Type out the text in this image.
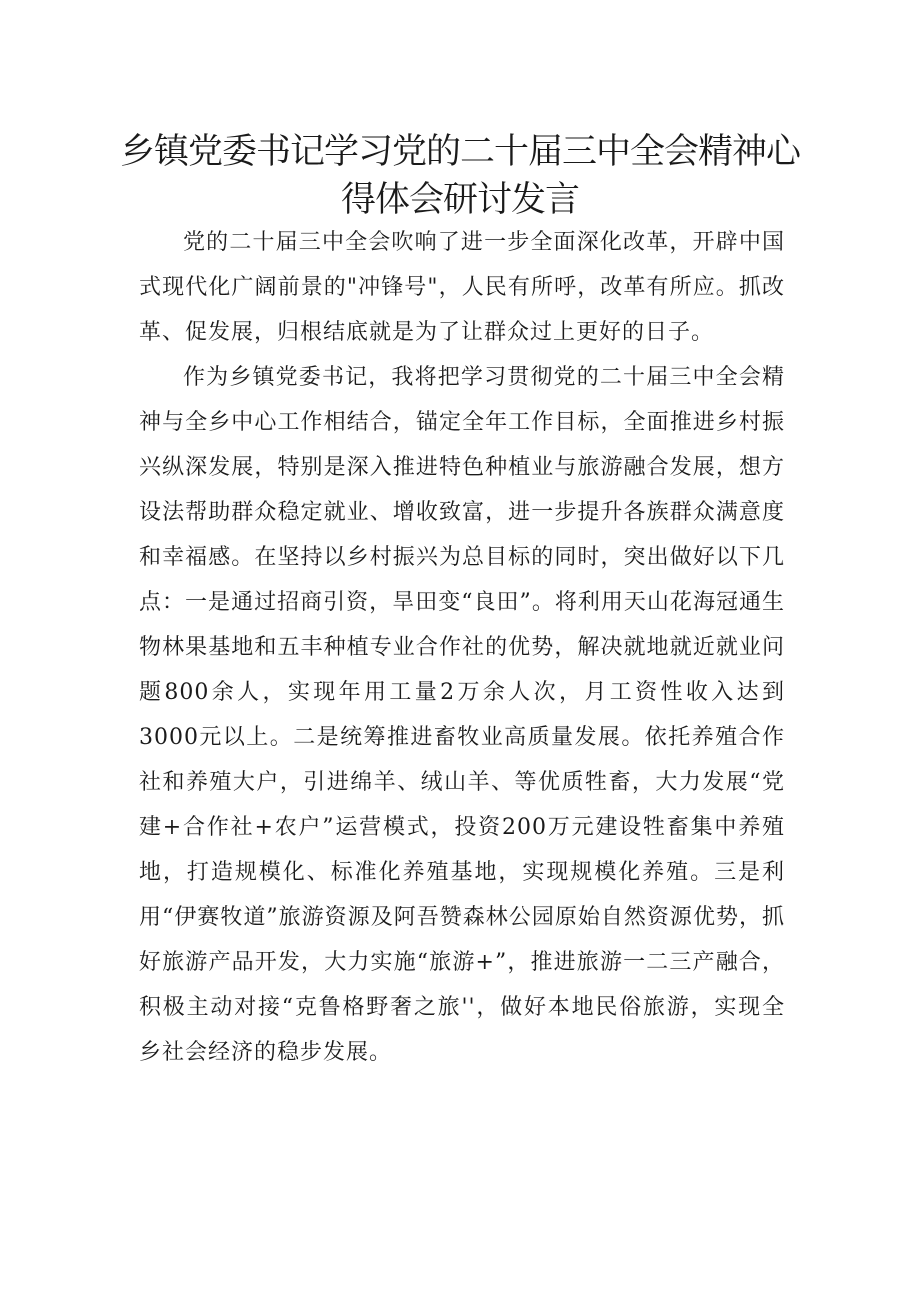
乡镇党委书记学习党的二十届三中全会精神心
得体会研讨发言

党的二十届三中全会吹响了进一步全面深化改革，开辟中国式现代化广阔前景的"冲锋号"，人民有所呼，改革有所应。抓改革、促发展，归根结底就是为了让群众过上更好的日子。

作为乡镇党委书记，我将把学习贯彻党的二十届三中全会精神与全乡中心工作相结合，锚定全年工作目标，全面推进乡村振兴纵深发展，特别是深入推进特色种植业与旅游融合发展，想方设法帮助群众稳定就业、增收致富，进一步提升各族群众满意度和幸福感。在坚持以乡村振兴为总目标的同时，突出做好以下几点：一是通过招商引资，旱田变“良田”。将利用天山花海冠通生物林果基地和五丰种植专业合作社的优势，解决就地就近就业问题800余人，实现年用工量2万余人次，月工资性收入达到3000元以上。二是统筹推进畜牧业高质量发展。依托养殖合作社和养殖大户，引进绵羊、绒山羊、等优质牲畜，大力发展“党建+合作社+农户”运营模式，投资200万元建设牲畜集中养殖地，打造规模化、标准化养殖基地，实现规模化养殖。三是利用“伊赛牧道”旅游资源及阿吾赞森林公园原始自然资源优势，抓好旅游产品开发，大力实施“旅游+”，推进旅游一二三产融合，积极主动对接“克鲁格野奢之旅''，做好本地民俗旅游，实现全乡社会经济的稳步发展。
